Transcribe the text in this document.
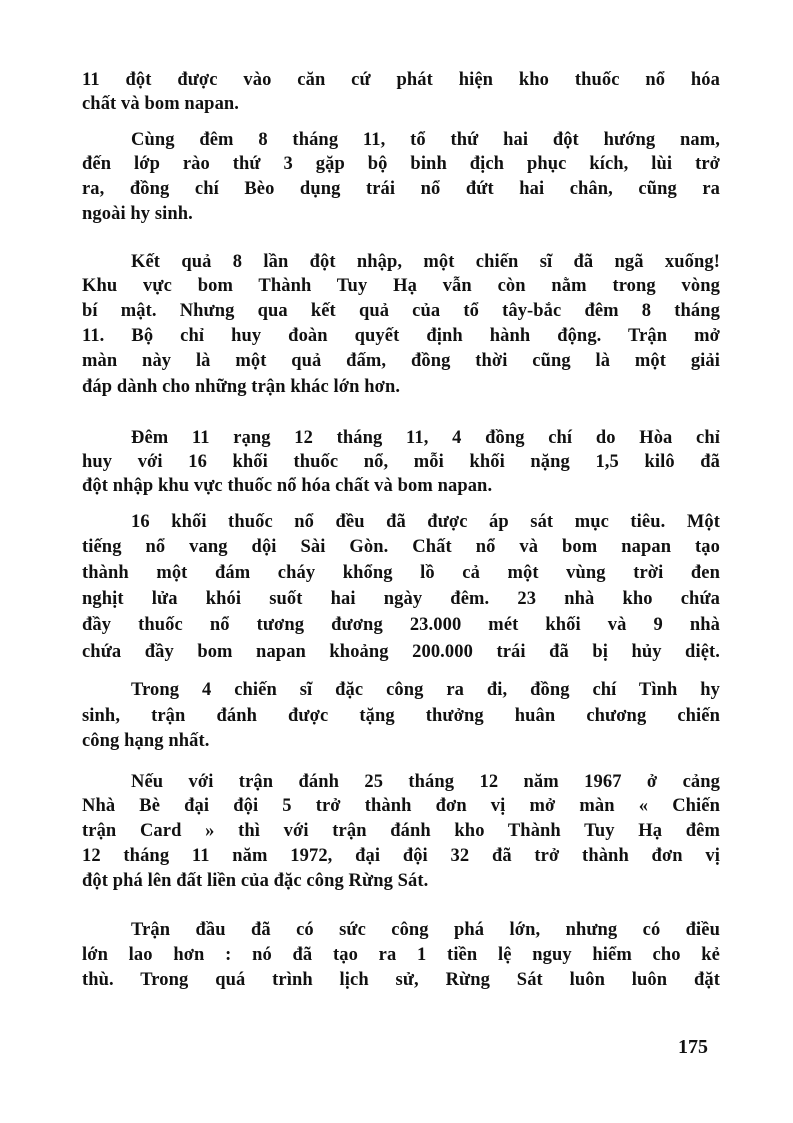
11 đột được vào căn cứ phát hiện kho thuốc nổ hóa
chất và bom napan.
Cùng đêm 8 tháng 11, tổ thứ hai đột hướng nam,
đến lớp rào thứ 3 gặp bộ binh địch phục kích, lùi trở
ra, đồng chí Bèo dụng trái nổ đứt hai chân, cũng ra
ngoài hy sinh.
Kết quả 8 lần đột nhập, một chiến sĩ đã ngã xuống!
Khu vực bom Thành Tuy Hạ vẫn còn nằm trong vòng
bí mật. Nhưng qua kết quả của tổ tây-bắc đêm 8 tháng
11. Bộ chỉ huy đoàn quyết định hành động. Trận mở
màn này là một quả đấm, đồng thời cũng là một giải
đáp dành cho những trận khác lớn hơn.
Đêm 11 rạng 12 tháng 11, 4 đồng chí do Hòa chỉ
huy với 16 khối thuốc nổ, mỗi khối nặng 1,5 kilô đã
đột nhập khu vực thuốc nổ hóa chất và bom napan.
16 khối thuốc nổ đều đã được áp sát mục tiêu. Một
tiếng nổ vang dội Sài Gòn. Chất nổ và bom napan tạo
thành một đám cháy khổng lồ cả một vùng trời đen
nghịt lửa khói suốt hai ngày đêm. 23 nhà kho chứa
đầy thuốc nổ tương đương 23.000 mét khối và 9 nhà
chứa đầy bom napan khoảng 200.000 trái đã bị hủy diệt.
Trong 4 chiến sĩ đặc công ra đi, đồng chí Tình hy
sinh, trận đánh được tặng thưởng huân chương chiến
công hạng nhất.
Nếu với trận đánh 25 tháng 12 năm 1967 ở cảng
Nhà Bè đại đội 5 trở thành đơn vị mở màn « Chiến
trận Card » thì với trận đánh kho Thành Tuy Hạ đêm
12 tháng 11 năm 1972, đại đội 32 đã trở thành đơn vị
đột phá lên đất liền của đặc công Rừng Sát.
Trận đầu đã có sức công phá lớn, nhưng có điều
lớn lao hơn : nó đã tạo ra 1 tiền lệ nguy hiểm cho kẻ
thù. Trong quá trình lịch sử, Rừng Sát luôn luôn đặt
175
